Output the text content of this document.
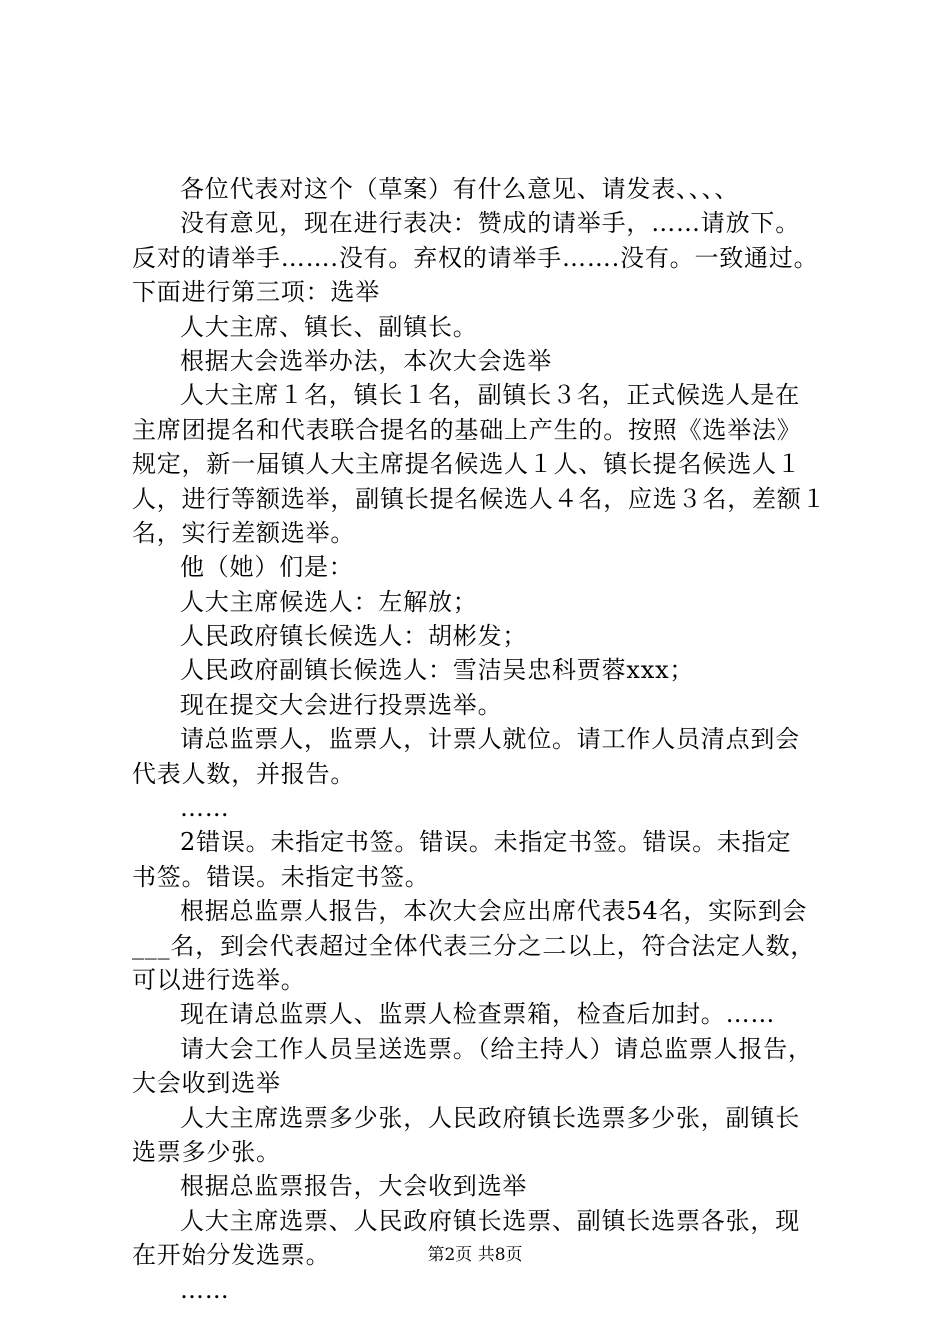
各位代表对这个（草案）有什么意见、请发表、、、、
没有意见，现在进行表决：赞成的请举手，……请放下。
反对的请举手…….没有。弃权的请举手…….没有。一致通过。
下面进行第三项：选举
人大主席、镇长、副镇长。
根据大会选举办法，本次大会选举
人大主席１名，镇长１名，副镇长３名，正式候选人是在
主席团提名和代表联合提名的基础上产生的。按照《选举法》
规定，新一届镇人大主席提名候选人１人、镇长提名候选人１
人，进行等额选举，副镇长提名候选人４名，应选３名，差额１
名，实行差额选举。
他（她）们是：
人大主席候选人：左解放；
人民政府镇长候选人：胡彬发；
人民政府副镇长候选人：雪洁吴忠科贾蓉xxx；
现在提交大会进行投票选举。
请总监票人，监票人，计票人就位。请工作人员清点到会
代表人数，并报告。
……
2错误。未指定书签。错误。未指定书签。错误。未指定
书签。错误。未指定书签。
根据总监票人报告，本次大会应出席代表54名，实际到会
___名，到会代表超过全体代表三分之二以上，符合法定人数，
可以进行选举。
现在请总监票人、监票人检查票箱，检查后加封。……
请大会工作人员呈送选票。（给主持人）请总监票人报告，
大会收到选举
人大主席选票多少张，人民政府镇长选票多少张，副镇长
选票多少张。
根据总监票报告，大会收到选举
人大主席选票、人民政府镇长选票、副镇长选票各张，现
在开始分发选票。
……
第2页 共8页
